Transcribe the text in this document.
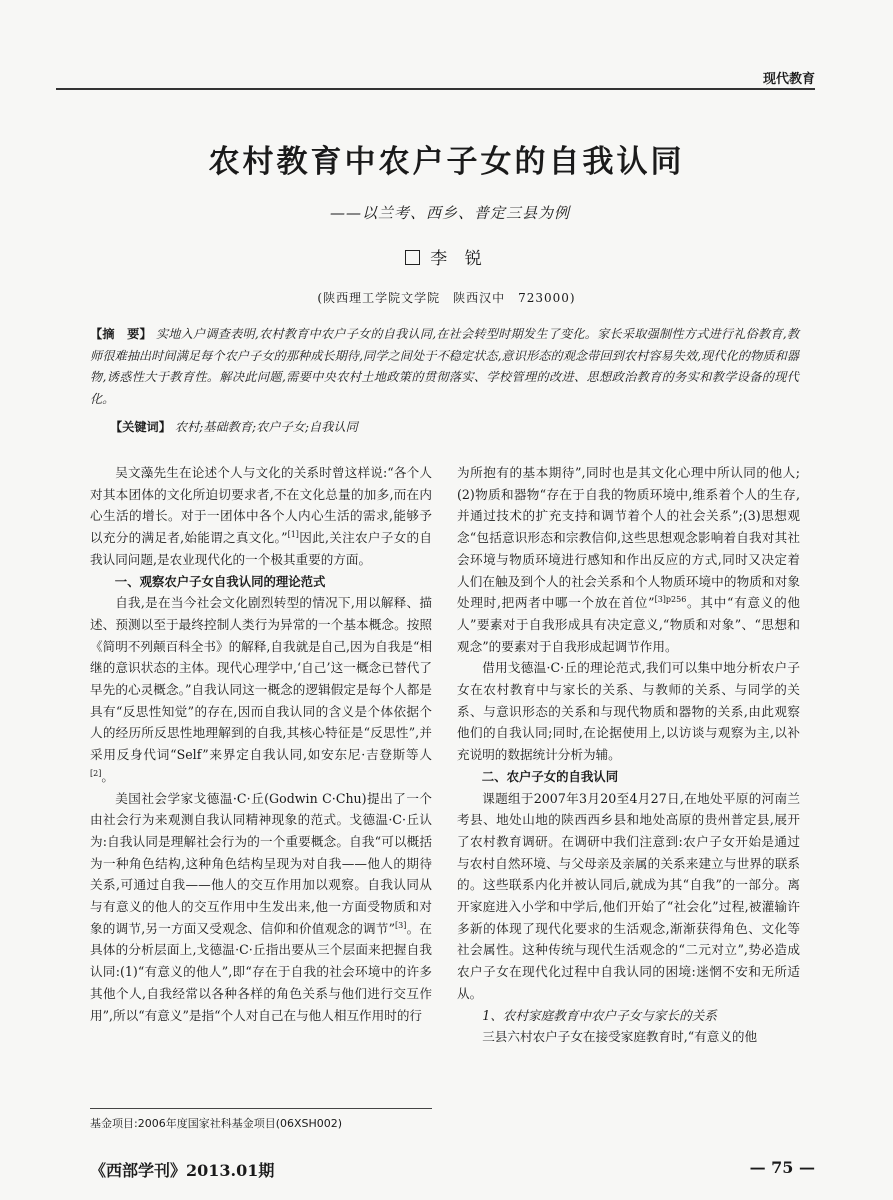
现代教育
农村教育中农户子女的自我认同
——以兰考、西乡、普定三县为例
李 锐
(陕西理工学院文学院　陕西汉中　723000)
【摘　要】 实地入户调查表明,农村教育中农户子女的自我认同,在社会转型时期发生了变化。家长采取强制性方式进行礼俗教育,教师很难抽出时间满足每个农户子女的那种成长期待,同学之间处于不稳定状态,意识形态的观念带回到农村容易失效,现代化的物质和器物,诱惑性大于教育性。解决此问题,需要中央农村土地政策的贯彻落实、学校管理的改进、思想政治教育的务实和教学设备的现代化。
【关键词】 农村;基础教育;农户子女;自我认同

吴文藻先生在论述个人与文化的关系时曾这样说:“各个人对其本团体的文化所迫切要求者,不在文化总量的加多,而在内心生活的增长。对于一团体中各个人内心生活的需求,能够予以充分的满足者,始能谓之真文化。”[1]因此,关注农户子女的自我认同问题,是农业现代化的一个极其重要的方面。

一、观察农户子女自我认同的理论范式

自我,是在当今社会文化剧烈转型的情况下,用以解释、描述、预测以至于最终控制人类行为异常的一个基本概念。按照《简明不列颠百科全书》的解释,自我就是自己,因为自我是“相继的意识状态的主体。现代心理学中,‘自己’这一概念已替代了早先的心灵概念。”自我认同这一概念的逻辑假定是每个人都是具有“反思性知觉”的存在,因而自我认同的含义是个体依据个人的经历所反思性地理解到的自我,其核心特征是“反思性”,并采用反身代词“Self”来界定自我认同,如安东尼·吉登斯等人[2]。

美国社会学家戈德温·C·丘(Godwin C·Chu)提出了一个由社会行为来观测自我认同精神现象的范式。戈德温·C·丘认为:自我认同是理解社会行为的一个重要概念。自我“可以概括为一种角色结构,这种角色结构呈现为对自我——他人的期待关系,可通过自我——他人的交互作用加以观察。自我认同从与有意义的他人的交互作用中生发出来,他一方面受物质和对象的调节,另一方面又受观念、信仰和价值观念的调节”[3]。在具体的分析层面上,戈德温·C·丘指出要从三个层面来把握自我认同:(1)“有意义的他人”,即“存在于自我的社会环境中的许多其他个人,自我经常以各种各样的角色关系与他们进行交互作用”,所以“有意义”是指“个人对自己在与他人相互作用时的行

为所抱有的基本期待”,同时也是其文化心理中所认同的他人;(2)物质和器物“存在于自我的物质环境中,维系着个人的生存,并通过技术的扩充支持和调节着个人的社会关系”;(3)思想观念“包括意识形态和宗教信仰,这些思想观念影响着自我对其社会环境与物质环境进行感知和作出反应的方式,同时又决定着人们在触及到个人的社会关系和个人物质环境中的物质和对象处理时,把两者中哪一个放在首位”$^{[3]p256}$。其中“有意义的他人”要素对于自我形成具有决定意义,“物质和对象”、“思想和观念”的要素对于自我形成起调节作用。

借用戈德温·C·丘的理论范式,我们可以集中地分析农户子女在农村教育中与家长的关系、与教师的关系、与同学的关系、与意识形态的关系和与现代物质和器物的关系,由此观察他们的自我认同;同时,在论据使用上,以访谈与观察为主,以补充说明的数据统计分析为辅。

二、农户子女的自我认同

课题组于2007年3月20至4月27日,在地处平原的河南兰考县、地处山地的陕西西乡县和地处高原的贵州普定县,展开了农村教育调研。在调研中我们注意到:农户子女开始是通过与农村自然环境、与父母亲及亲属的关系来建立与世界的联系的。这些联系内化并被认同后,就成为其“自我”的一部分。离开家庭进入小学和中学后,他们开始了“社会化”过程,被灌输许多新的体现了现代化要求的生活观念,渐渐获得角色、文化等社会属性。这种传统与现代生活观念的“二元对立”,势必造成农户子女在现代化过程中自我认同的困境:迷惘不安和无所适从。

1、农村家庭教育中农户子女与家长的关系

三县六村农户子女在接受家庭教育时,“有意义的他

基金项目:2006年度国家社科基金项目(06XSH002)
《西部学刊》2013.01期	— 75 —
